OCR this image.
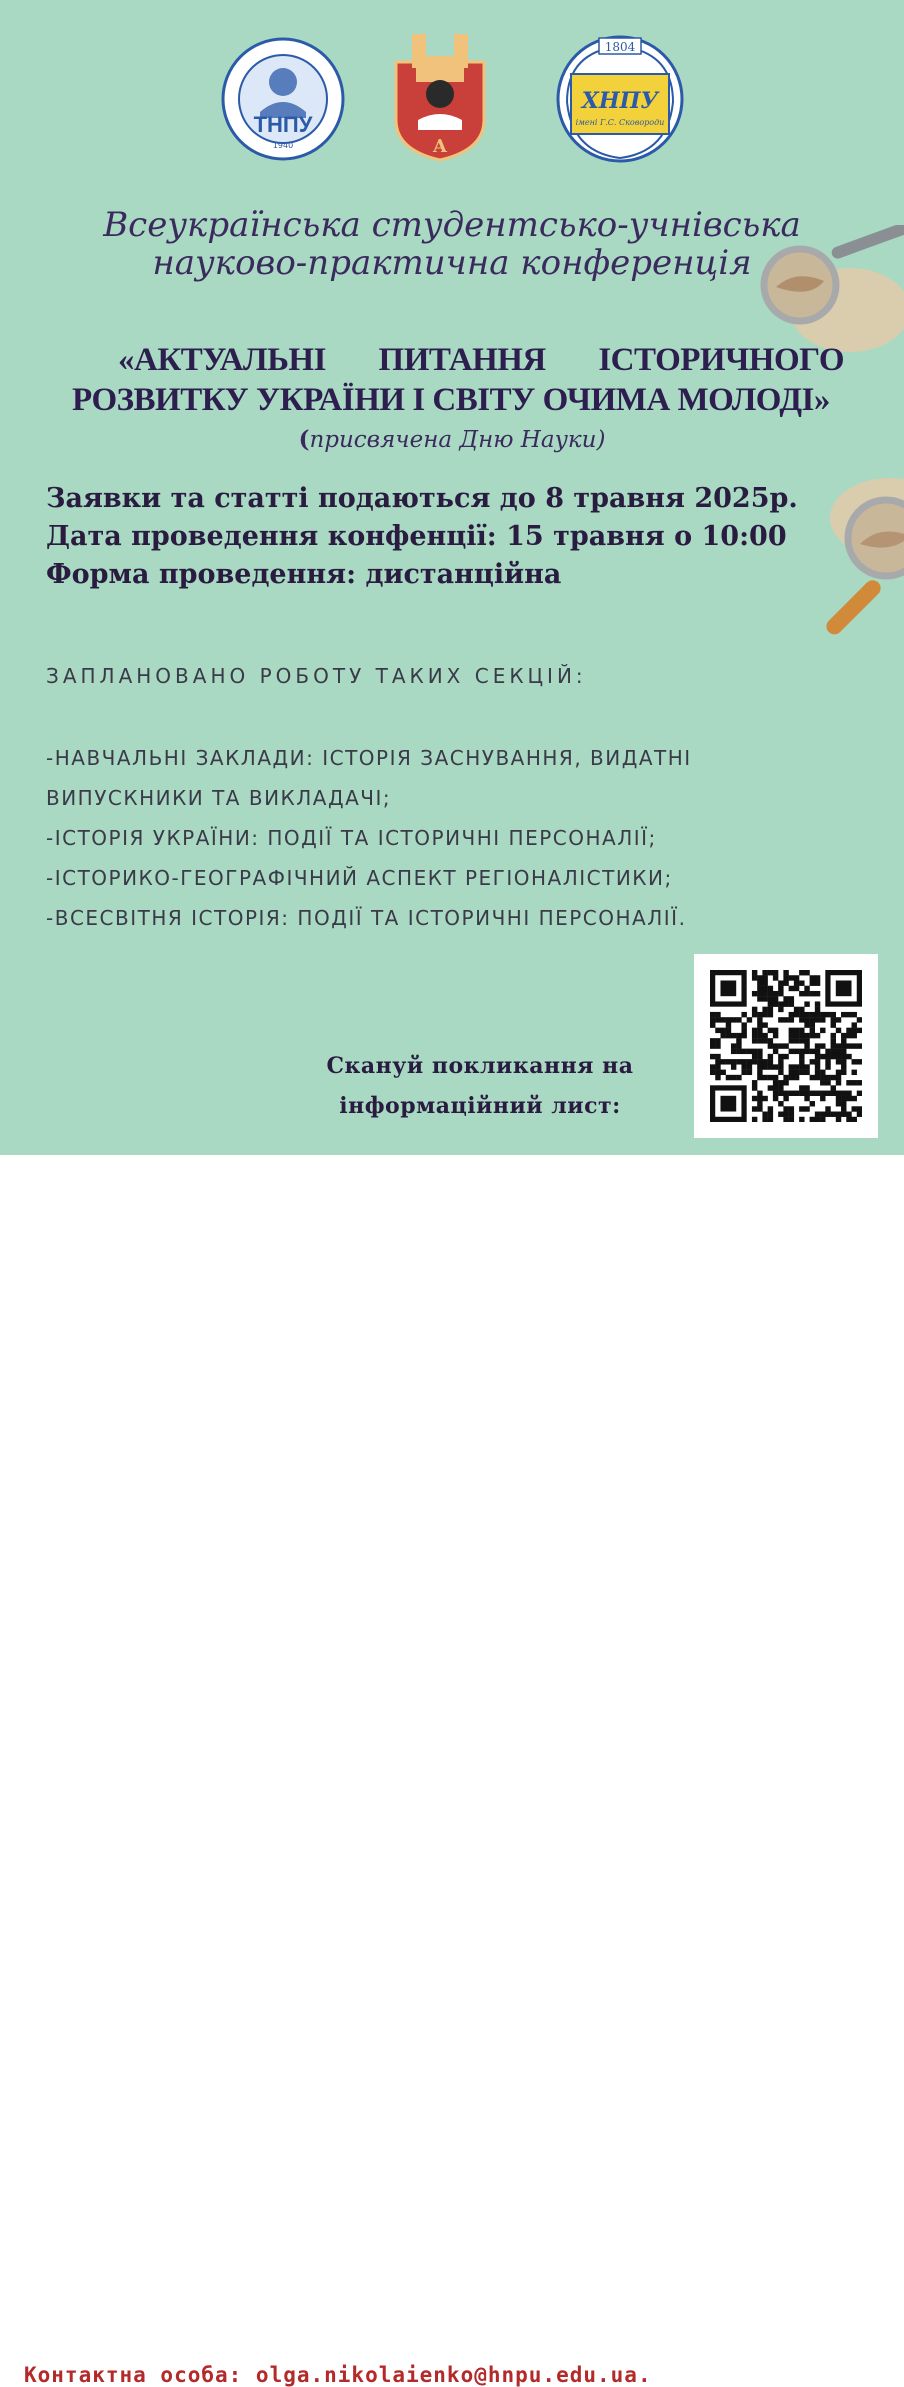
ТНПУ
1940	А
1804
ХНПУ
імені Г.С. Сковороди
Всеукраїнська студентсько-учнівська
науково-практична конференція
«АКТУАЛЬНІ ПИТАННЯ ІСТОРИЧНОГО
РОЗВИТКУ УКРАЇНИ І СВІТУ ОЧИМА МОЛОДІ»
(присвячена Дню Науки)
Заявки та статті подаються до 8 травня 2025р.
Дата проведення конфенції: 15 травня о 10:00
Форма проведення: дистанційна
ЗАПЛАНОВАНО РОБОТУ ТАКИХ СЕКЦІЙ:
-НАВЧАЛЬНІ ЗАКЛАДИ: ІСТОРІЯ ЗАСНУВАННЯ, ВИДАТНІ
ВИПУСКНИКИ ТА ВИКЛАДАЧІ;
-ІСТОРІЯ УКРАЇНИ: ПОДІЇ ТА ІСТОРИЧНІ ПЕРСОНАЛІЇ;
-ІСТОРИКО-ГЕОГРАФІЧНИЙ АСПЕКТ РЕГІОНАЛІСТИКИ;
-ВСЕСВІТНЯ ІСТОРІЯ: ПОДІЇ ТА ІСТОРИЧНІ ПЕРСОНАЛІЇ.
Скануй покликання на
інформаційний лист:
Контактна особа: olga.nikolaienko@hnpu.edu.ua.
